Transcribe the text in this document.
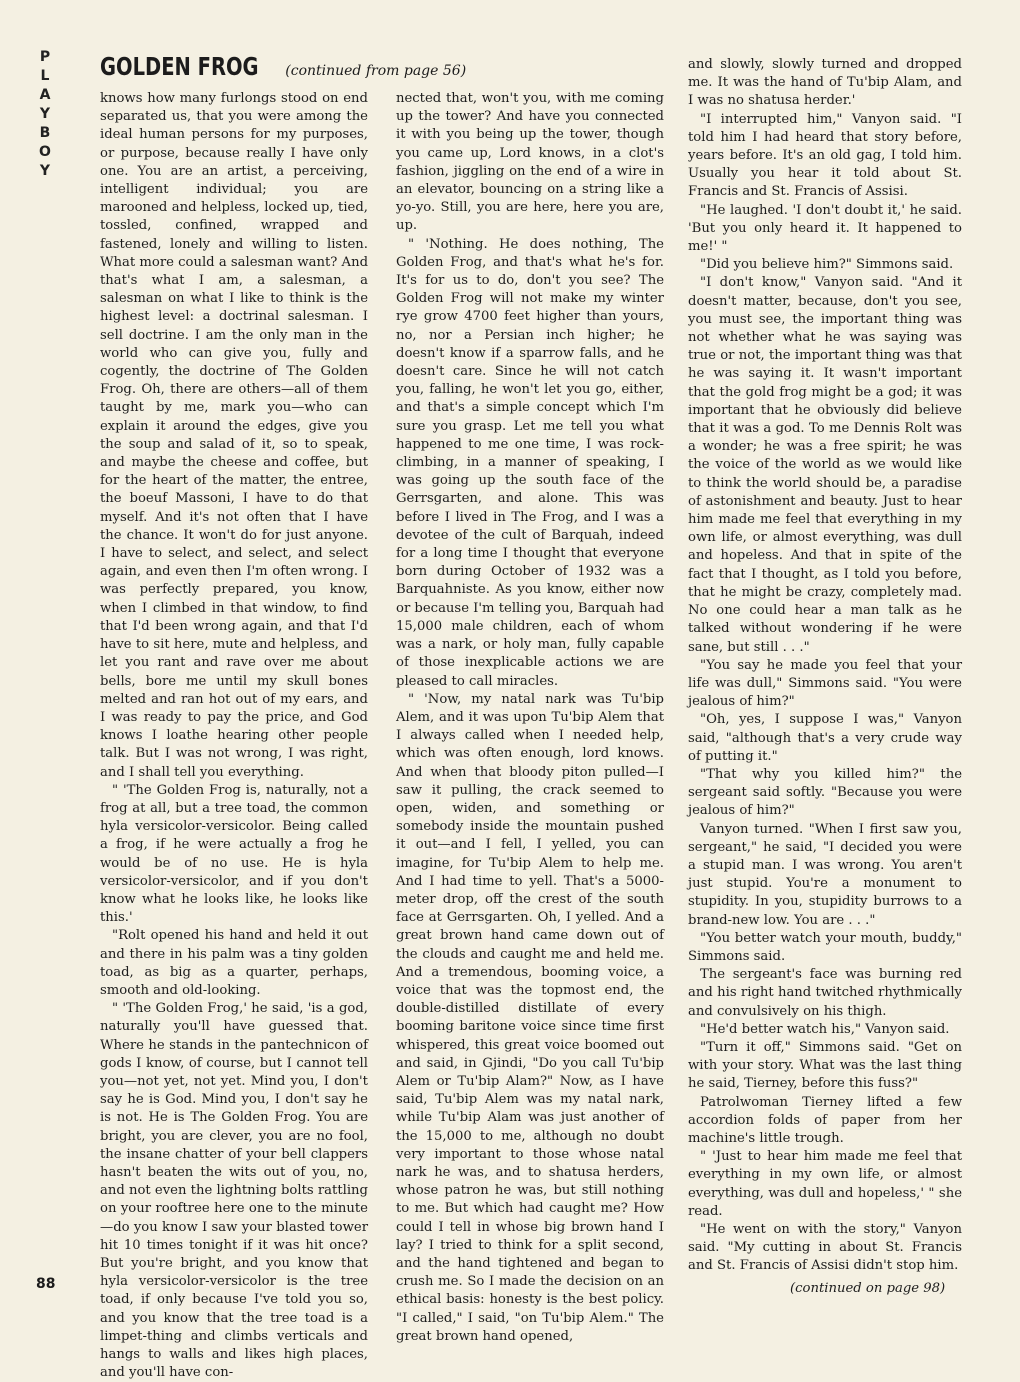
P
L
A
Y
B
O
Y
GOLDEN FROG (continued from page 56)

knows how many furlongs stood on end separated us, that you were among the ideal human persons for my purposes, or purpose, because really I have only one. You are an artist, a perceiving, intelligent individual; you are marooned and helpless, locked up, tied, tossled, confined, wrapped and fastened, lonely and willing to listen. What more could a salesman want? And that's what I am, a salesman, a salesman on what I like to think is the highest level: a doctrinal salesman. I sell doctrine. I am the only man in the world who can give you, fully and cogently, the doctrine of The Golden Frog. Oh, there are others—all of them taught by me, mark you—who can explain it around the edges, give you the soup and salad of it, so to speak, and maybe the cheese and coffee, but for the heart of the matter, the entree, the boeuf Massoni, I have to do that myself. And it's not often that I have the chance. It won't do for just anyone. I have to select, and select, and select again, and even then I'm often wrong. I was perfectly prepared, you know, when I climbed in that window, to find that I'd been wrong again, and that I'd have to sit here, mute and helpless, and let you rant and rave over me about bells, bore me until my skull bones melted and ran hot out of my ears, and I was ready to pay the price, and God knows I loathe hearing other people talk. But I was not wrong, I was right, and I shall tell you everything.

" 'The Golden Frog is, naturally, not a frog at all, but a tree toad, the common hyla versicolor-versicolor. Being called a frog, if he were actually a frog he would be of no use. He is hyla versicolor-versicolor, and if you don't know what he looks like, he looks like this.'

"Rolt opened his hand and held it out and there in his palm was a tiny golden toad, as big as a quarter, perhaps, smooth and old-looking.

" 'The Golden Frog,' he said, 'is a god, naturally you'll have guessed that. Where he stands in the pantechnicon of gods I know, of course, but I cannot tell you—not yet, not yet. Mind you, I don't say he is God. Mind you, I don't say he is not. He is The Golden Frog. You are bright, you are clever, you are no fool, the insane chatter of your bell clappers hasn't beaten the wits out of you, no, and not even the lightning bolts rattling on your rooftree here one to the minute—do you know I saw your blasted tower hit 10 times tonight if it was hit once? But you're bright, and you know that hyla versicolor-versicolor is the tree toad, if only because I've told you so, and you know that the tree toad is a limpet-thing and climbs verticals and hangs to walls and likes high places, and you'll have con-

nected that, won't you, with me coming up the tower? And have you connected it with you being up the tower, though you came up, Lord knows, in a clot's fashion, jiggling on the end of a wire in an elevator, bouncing on a string like a yo-yo. Still, you are here, here you are, up.

" 'Nothing. He does nothing, The Golden Frog, and that's what he's for. It's for us to do, don't you see? The Golden Frog will not make my winter rye grow 4700 feet higher than yours, no, nor a Persian inch higher; he doesn't know if a sparrow falls, and he doesn't care. Since he will not catch you, falling, he won't let you go, either, and that's a simple concept which I'm sure you grasp. Let me tell you what happened to me one time, I was rock-climbing, in a manner of speaking, I was going up the south face of the Gerrsgarten, and alone. This was before I lived in The Frog, and I was a devotee of the cult of Barquah, indeed for a long time I thought that everyone born during October of 1932 was a Barquahniste. As you know, either now or because I'm telling you, Barquah had 15,000 male children, each of whom was a nark, or holy man, fully capable of those inexplicable actions we are pleased to call miracles.

" 'Now, my natal nark was Tu'bip Alem, and it was upon Tu'bip Alem that I always called when I needed help, which was often enough, lord knows. And when that bloody piton pulled—I saw it pulling, the crack seemed to open, widen, and something or somebody inside the mountain pushed it out—and I fell, I yelled, you can imagine, for Tu'bip Alem to help me. And I had time to yell. That's a 5000-meter drop, off the crest of the south face at Gerrsgarten. Oh, I yelled. And a great brown hand came down out of the clouds and caught me and held me. And a tremendous, booming voice, a voice that was the topmost end, the double-distilled distillate of every booming baritone voice since time first whispered, this great voice boomed out and said, in Gjindi, "Do you call Tu'bip Alem or Tu'bip Alam?" Now, as I have said, Tu'bip Alem was my natal nark, while Tu'bip Alam was just another of the 15,000 to me, although no doubt very important to those whose natal nark he was, and to shatusa herders, whose patron he was, but still nothing to me. But which had caught me? How could I tell in whose big brown hand I lay? I tried to think for a split second, and the hand tightened and began to crush me. So I made the decision on an ethical basis: honesty is the best policy. "I called," I said, "on Tu'bip Alem." The great brown hand opened,

and slowly, slowly turned and dropped me. It was the hand of Tu'bip Alam, and I was no shatusa herder.'

"I interrupted him," Vanyon said. "I told him I had heard that story before, years before. It's an old gag, I told him. Usually you hear it told about St. Francis and St. Francis of Assisi.

"He laughed. 'I don't doubt it,' he said. 'But you only heard it. It happened to me!' "

"Did you believe him?" Simmons said.

"I don't know," Vanyon said. "And it doesn't matter, because, don't you see, you must see, the important thing was not whether what he was saying was true or not, the important thing was that he was saying it. It wasn't important that the gold frog might be a god; it was important that he obviously did believe that it was a god. To me Dennis Rolt was a wonder; he was a free spirit; he was the voice of the world as we would like to think the world should be, a paradise of astonishment and beauty. Just to hear him made me feel that everything in my own life, or almost everything, was dull and hopeless. And that in spite of the fact that I thought, as I told you before, that he might be crazy, completely mad. No one could hear a man talk as he talked without wondering if he were sane, but still . . ."

"You say he made you feel that your life was dull," Simmons said. "You were jealous of him?"

"Oh, yes, I suppose I was," Vanyon said, "although that's a very crude way of putting it."

"That why you killed him?" the sergeant said softly. "Because you were jealous of him?"

Vanyon turned. "When I first saw you, sergeant," he said, "I decided you were a stupid man. I was wrong. You aren't just stupid. You're a monument to stupidity. In you, stupidity burrows to a brand-new low. You are . . ."

"You better watch your mouth, buddy," Simmons said.

The sergeant's face was burning red and his right hand twitched rhythmically and convulsively on his thigh.

"He'd better watch his," Vanyon said.

"Turn it off," Simmons said. "Get on with your story. What was the last thing he said, Tierney, before this fuss?"

Patrolwoman Tierney lifted a few accordion folds of paper from her machine's little trough.

" 'Just to hear him made me feel that everything in my own life, or almost everything, was dull and hopeless,' " she read.

"He went on with the story," Vanyon said. "My cutting in about St. Francis and St. Francis of Assisi didn't stop him.

88	(continued on page 98)
